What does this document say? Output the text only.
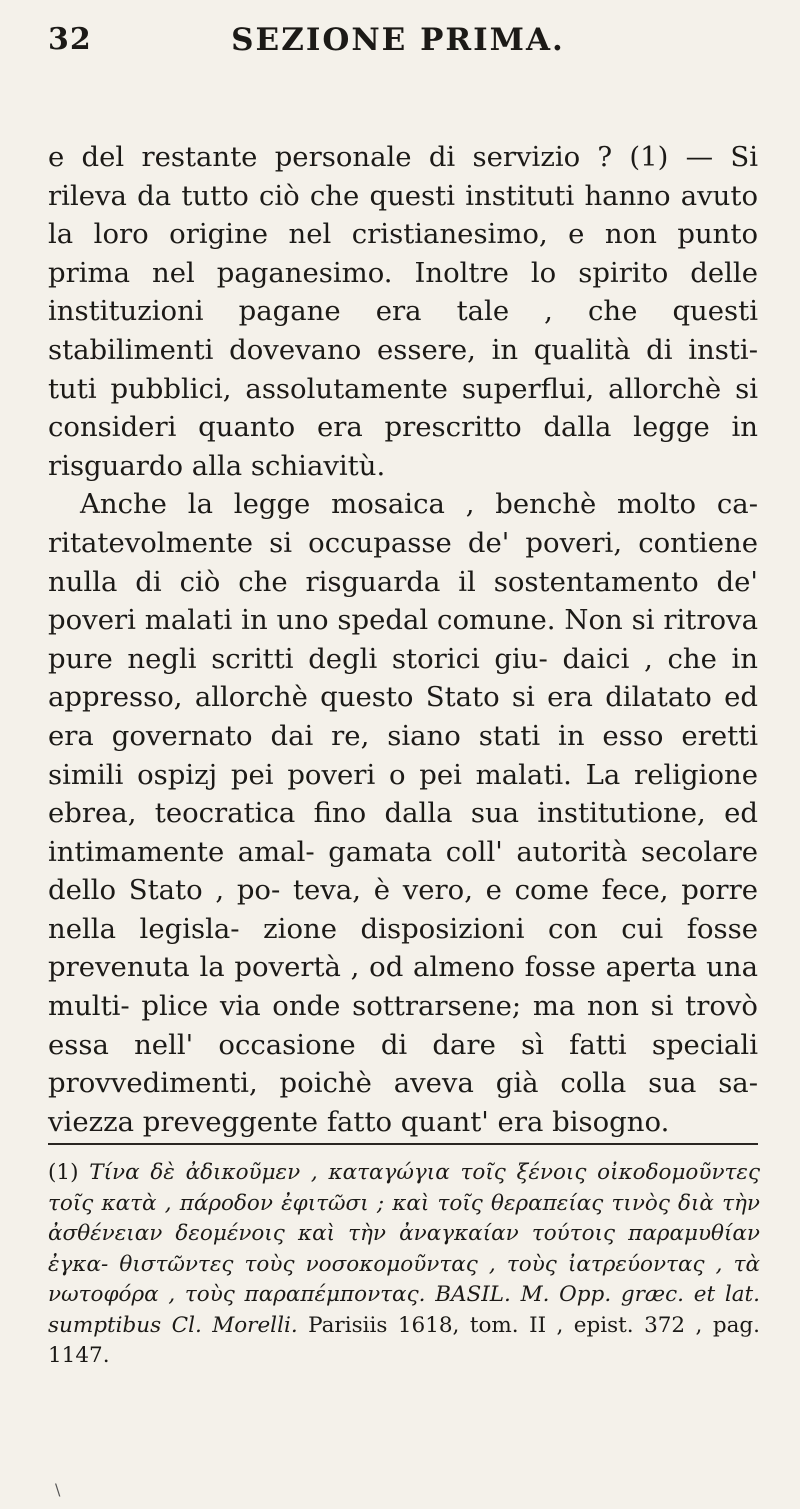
32	SEZIONE PRIMA.

e del restante personale di servizio ? (1) — Si rileva da tutto ciò che questi instituti hanno avuto la loro origine nel cristianesimo, e non punto prima nel paganesimo. Inoltre lo spirito delle instituzioni pagane era tale , che questi stabilimenti dovevano essere, in qualità di insti- tuti pubblici, assolutamente superflui, allorchè si consideri quanto era prescritto dalla legge in risguardo alla schiavitù.

Anche la legge mosaica , benchè molto ca- ritatevolmente si occupasse de' poveri, contiene nulla di ciò che risguarda il sostentamento de' poveri malati in uno spedal comune. Non si ritrova pure negli scritti degli storici giu- daici , che in appresso, allorchè questo Stato si era dilatato ed era governato dai re, siano stati in esso eretti simili ospizj pei poveri o pei malati. La religione ebrea, teocratica fino dalla sua institutione, ed intimamente amal- gamata coll' autorità secolare dello Stato , po- teva, è vero, e come fece, porre nella legisla- zione disposizioni con cui fosse prevenuta la povertà , od almeno fosse aperta una multi- plice via onde sottrarsene; ma non si trovò essa nell' occasione di dare sì fatti speciali provvedimenti, poichè aveva già colla sua sa- viezza preveggente fatto quant' era bisogno.

(1) Τίνα δὲ ἀδικοῦμεν , καταγώγια τοῖς ξένοις οἰκοδομοῦντες τοῖς κατὰ , πάροδον ἐφιτῶσι ; καὶ τοῖς θεραπείας τινὸς διὰ τὴν ἀσθένειαν δεομένοις καὶ τὴν ἀναγκαίαν τούτοις παραμυθίαν ἐγκα- θιστῶντες τοὺς νοσοκομοῦντας , τοὺς ἰατρεύοντας , τὰ νωτοφόρα , τοὺς παραπέμποντας. BASIL. M. Opp. græc. et lat. sumptibus Cl. Morelli. Parisiis 1618, tom. II , epist. 372 , pag. 1147.
\
